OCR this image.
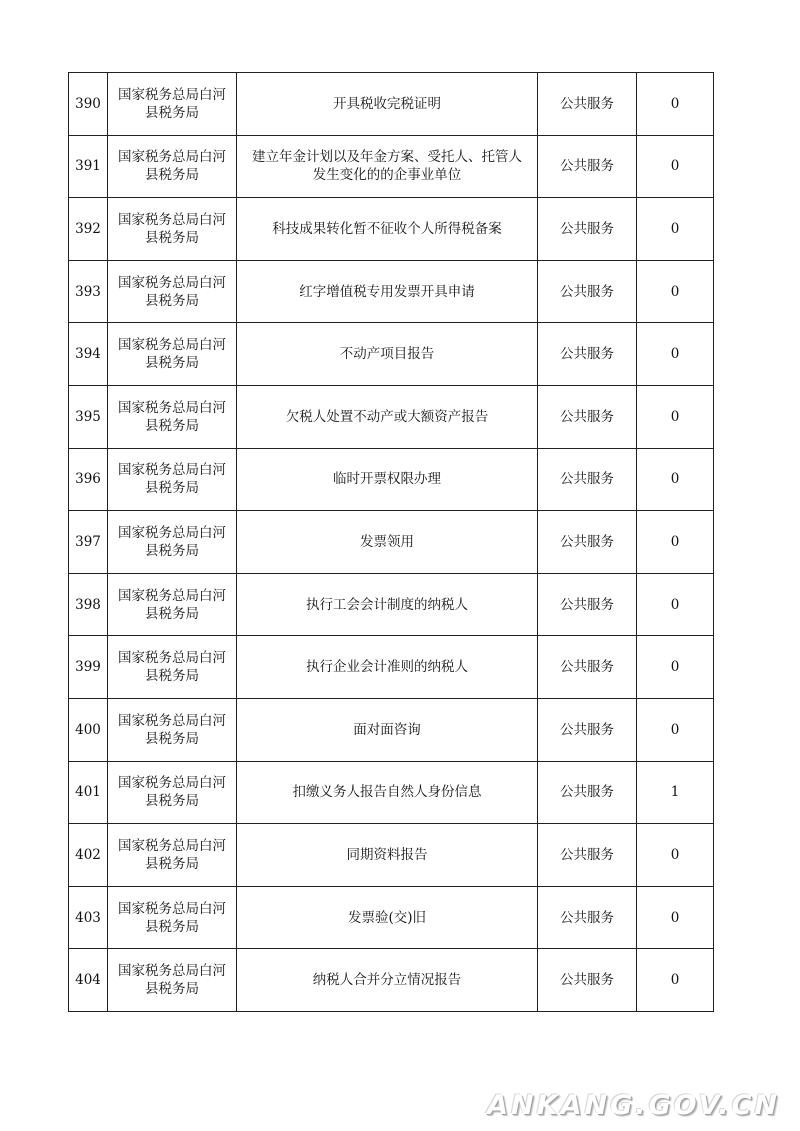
390	国家税务总局白河县税务局	开具税收完税证明	公共服务	0
391	国家税务总局白河县税务局	建立年金计划以及年金方案、受托人、托管人发生变化的的企事业单位	公共服务	0
392	国家税务总局白河县税务局	科技成果转化暂不征收个人所得税备案	公共服务	0
393	国家税务总局白河县税务局	红字增值税专用发票开具申请	公共服务	0
394	国家税务总局白河县税务局	不动产项目报告	公共服务	0
395	国家税务总局白河县税务局	欠税人处置不动产或大额资产报告	公共服务	0
396	国家税务总局白河县税务局	临时开票权限办理	公共服务	0
397	国家税务总局白河县税务局	发票领用	公共服务	0
398	国家税务总局白河县税务局	执行工会会计制度的纳税人	公共服务	0
399	国家税务总局白河县税务局	执行企业会计准则的纳税人	公共服务	0
400	国家税务总局白河县税务局	面对面咨询	公共服务	0
401	国家税务总局白河县税务局	扣缴义务人报告自然人身份信息	公共服务	1
402	国家税务总局白河县税务局	同期资料报告	公共服务	0
403	国家税务总局白河县税务局	发票验(交)旧	公共服务	0
404	国家税务总局白河县税务局	纳税人合并分立情况报告	公共服务	0
ANKANG.GOV.CN
